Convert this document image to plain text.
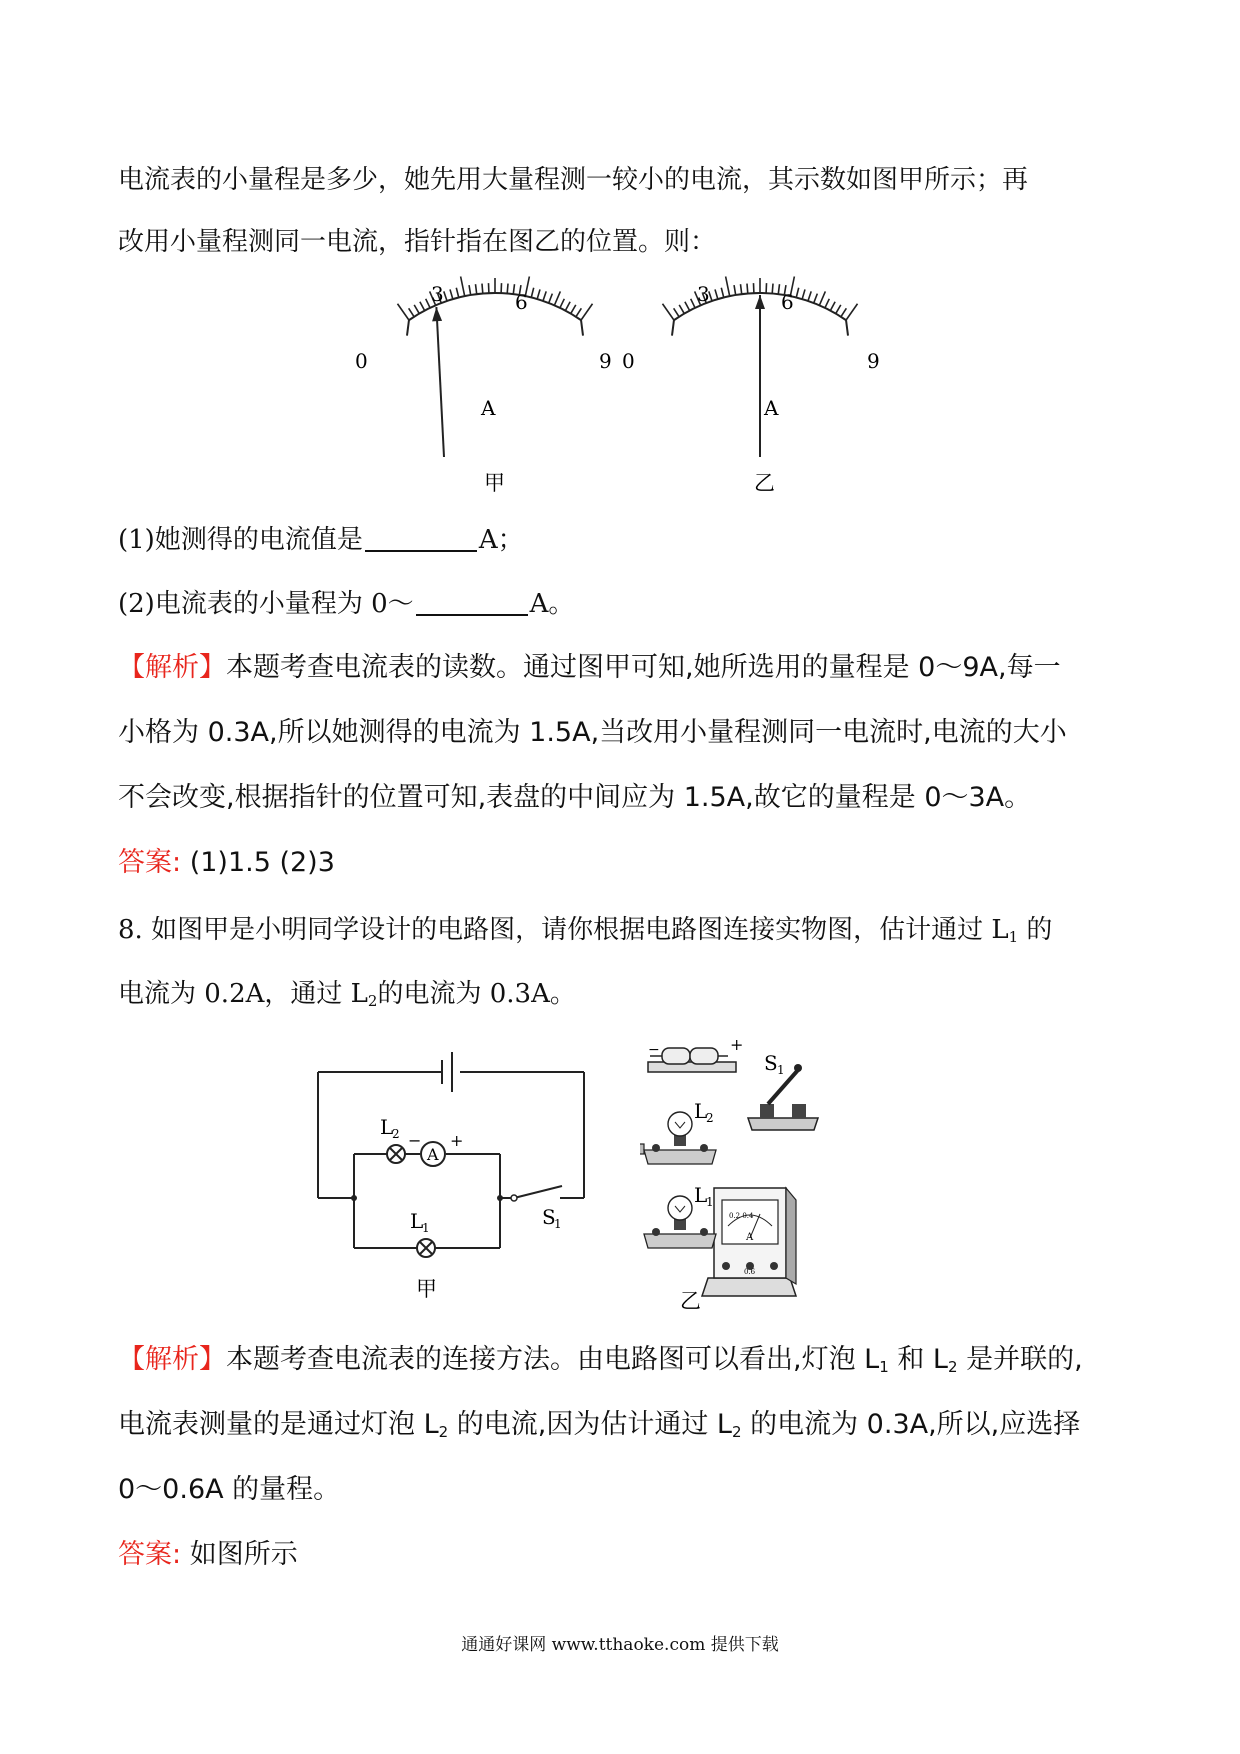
电流表的小量程是多少，她先用大量程测一较小的电流，其示数如图甲所示；再
改用小量程测同一电流，指针指在图乙的位置。则：
0
3	6
9
A
甲
0
3	6
9
A
乙
(1)她测得的电流值是	A；
(2)电流表的小量程为 0～	A。
【解析】本题考查电流表的读数。通过图甲可知,她所选用的量程是 0～9A,每一
小格为 0.3A,所以她测得的电流为 1.5A,当改用小量程测同一电流时,电流的大小
不会改变,根据指针的位置可知,表盘的中间应为 1.5A,故它的量程是 0～3A。
答案: (1)1.5 (2)3
8. 如图甲是小明同学设计的电路图，请你根据电路图连接实物图，估计通过 $L_1$ 的
电流为 0.2A，通过 $L_2$的电流为 0.3A。
L
2
A
− +
L
1	S
1
甲
−	+
S 1
0.2 0.4
A
0.6
乙
L
2
L
1
【解析】本题考查电流表的连接方法。由电路图可以看出,灯泡 $L_1$ 和 $L_2$ 是并联的,
电流表测量的是通过灯泡 $L_2$ 的电流,因为估计通过 $L_2$ 的电流为 0.3A,所以,应选择
0～0.6A 的量程。
答案: 如图所示
通通好课网 www.tthaoke.com 提供下载
